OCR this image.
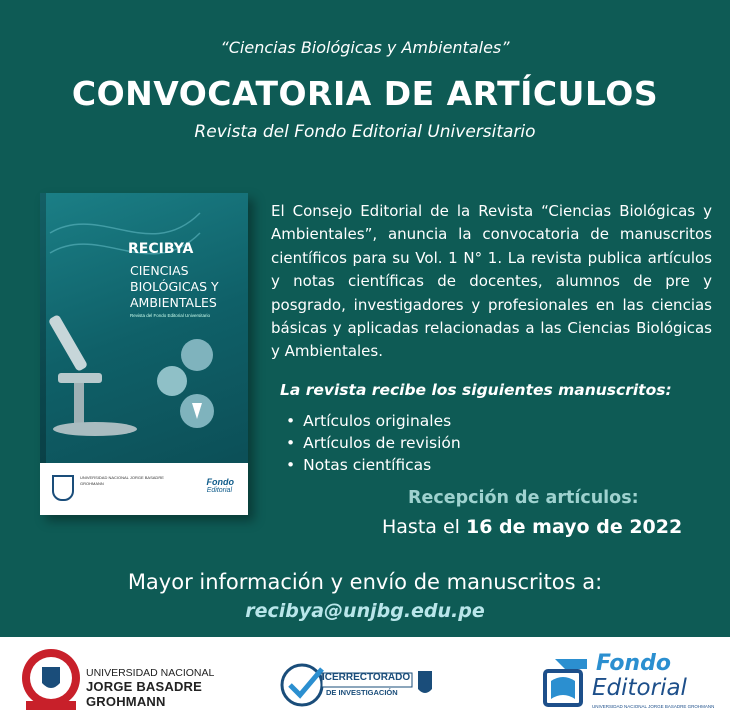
“Ciencias Biológicas y Ambientales”
CONVOCATORIA DE ARTÍCULOS
Revista del Fondo Editorial Universitario
RECIBYA
CIENCIAS
BIOLÓGICAS Y
AMBIENTALES
Revista del Fondo Editorial Universitario
UNIVERSIDAD NACIONAL JORGE BASADRE GROHMANN	Fondo
Editorial
El Consejo Editorial de la Revista “Ciencias Biológicas y Ambientales”, anuncia la convocatoria de manuscritos científicos para su Vol. 1 N° 1. La revista publica artículos y notas científicas de docentes, alumnos de pre y posgrado, investigadores y profesionales en las ciencias básicas y aplicadas relacionadas a las Ciencias Biológicas y Ambientales.
La revista recibe los siguientes manuscritos:
• Artículos originales
• Artículos de revisión
• Notas científicas
Recepción de artículos:
Hasta el 16 de mayo de 2022
Mayor información y envío de manuscritos a:
recibya@unjbg.edu.pe
UNIVERSIDAD NACIONAL
JORGE BASADRE
GROHMANN
ICERRECTORADO
DE INVESTIGACIÓN
Fondo
Editorial
UNIVERSIDAD NACIONAL JORGE BASADRE GROHMANN
